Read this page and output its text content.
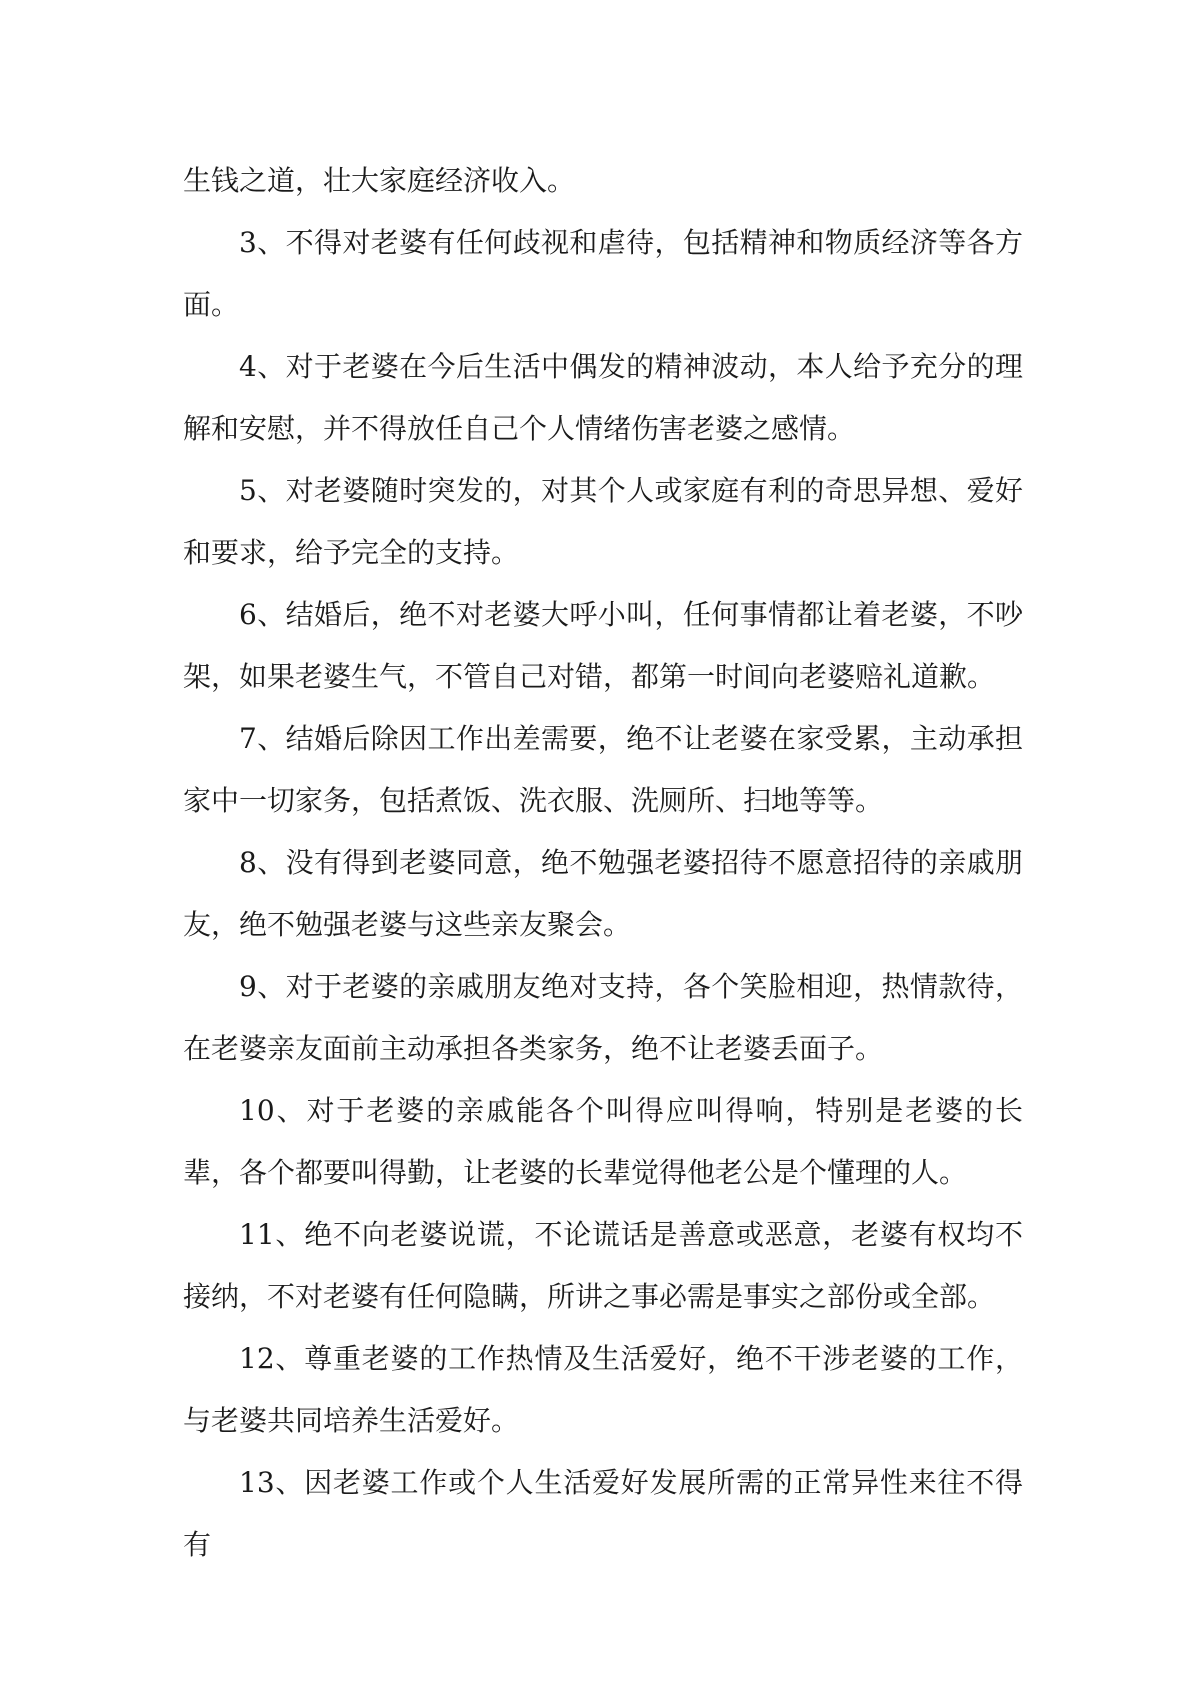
生钱之道，壮大家庭经济收入。

3、不得对老婆有任何歧视和虐待，包括精神和物质经济等各方面。

4、对于老婆在今后生活中偶发的精神波动，本人给予充分的理解和安慰，并不得放任自己个人情绪伤害老婆之感情。

5、对老婆随时突发的，对其个人或家庭有利的奇思异想、爱好和要求，给予完全的支持。

6、结婚后，绝不对老婆大呼小叫，任何事情都让着老婆，不吵架，如果老婆生气，不管自己对错，都第一时间向老婆赔礼道歉。

7、结婚后除因工作出差需要，绝不让老婆在家受累，主动承担家中一切家务，包括煮饭、洗衣服、洗厕所、扫地等等。

8、没有得到老婆同意，绝不勉强老婆招待不愿意招待的亲戚朋友，绝不勉强老婆与这些亲友聚会。

9、对于老婆的亲戚朋友绝对支持，各个笑脸相迎，热情款待，在老婆亲友面前主动承担各类家务，绝不让老婆丢面子。

10、对于老婆的亲戚能各个叫得应叫得响，特别是老婆的长辈，各个都要叫得勤，让老婆的长辈觉得他老公是个懂理的人。

11、绝不向老婆说谎，不论谎话是善意或恶意，老婆有权均不接纳，不对老婆有任何隐瞒，所讲之事必需是事实之部份或全部。

12、尊重老婆的工作热情及生活爱好，绝不干涉老婆的工作，与老婆共同培养生活爱好。

13、因老婆工作或个人生活爱好发展所需的正常异性来往不得有
